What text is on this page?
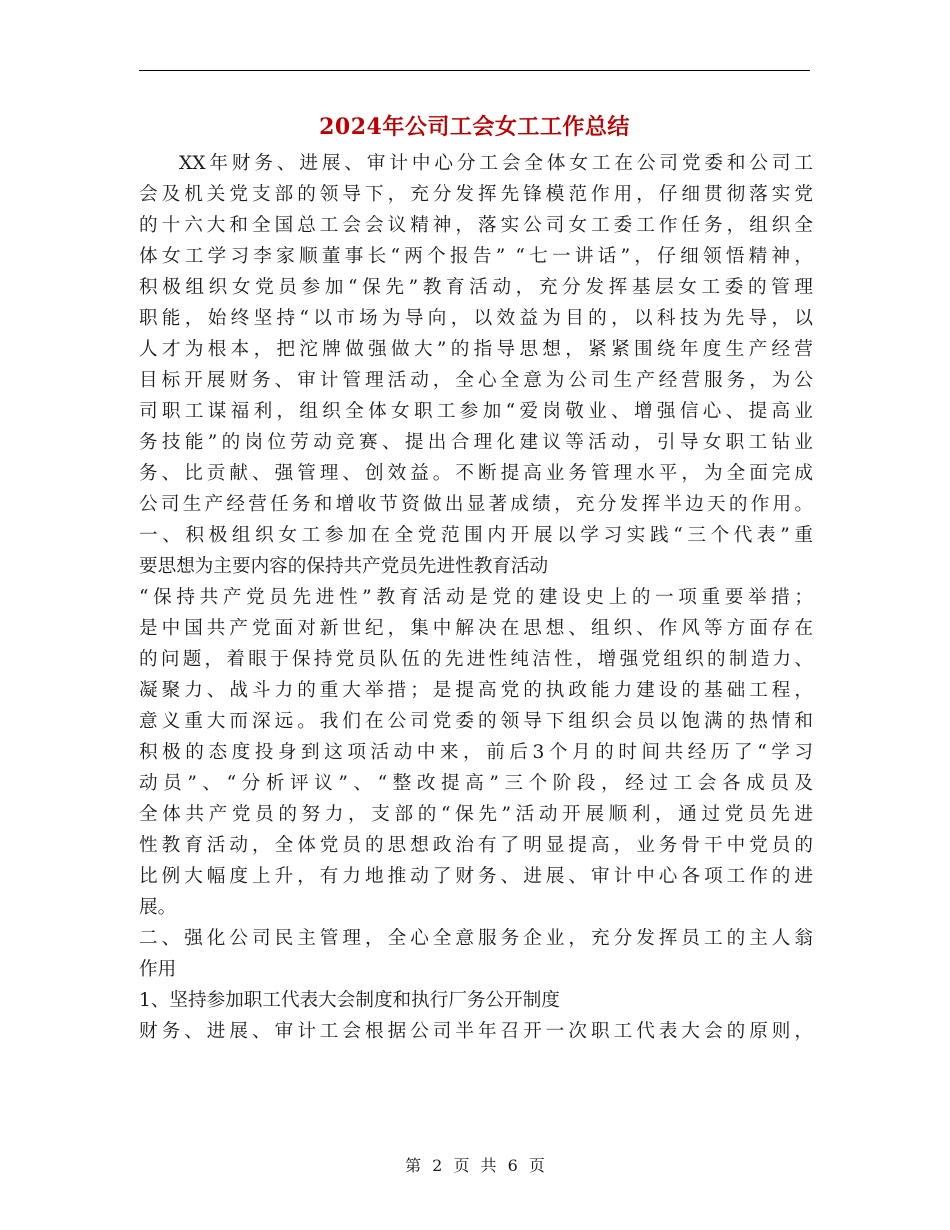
2024年公司工会女工工作总结
XX年财务、进展、审计中心分工会全体女工在公司党委和公司工
会及机关党支部的领导下，充分发挥先锋模范作用，仔细贯彻落实党
的十六大和全国总工会会议精神，落实公司女工委工作任务，组织全
体女工学习李家顺董事长“两个报告” “七一讲话”，仔细领悟精神，
积极组织女党员参加“保先”教育活动，充分发挥基层女工委的管理
职能，始终坚持“以市场为导向，以效益为目的，以科技为先导，以
人才为根本，把沱牌做强做大”的指导思想，紧紧围绕年度生产经营
目标开展财务、审计管理活动，全心全意为公司生产经营服务，为公
司职工谋福利，组织全体女职工参加“爱岗敬业、增强信心、提高业
务技能”的岗位劳动竞赛、提出合理化建议等活动，引导女职工钻业
务、比贡献、强管理、创效益。不断提高业务管理水平，为全面完成
公司生产经营任务和增收节资做出显著成绩，充分发挥半边天的作用。
一、积极组织女工参加在全党范围内开展以学习实践“三个代表”重
要思想为主要内容的保持共产党员先进性教育活动
“保持共产党员先进性”教育活动是党的建设史上的一项重要举措；
是中国共产党面对新世纪，集中解决在思想、组织、作风等方面存在
的问题，着眼于保持党员队伍的先进性纯洁性，增强党组织的制造力、
凝聚力、战斗力的重大举措；是提高党的执政能力建设的基础工程，
意义重大而深远。我们在公司党委的领导下组织会员以饱满的热情和
积极的态度投身到这项活动中来，前后3个月的时间共经历了“学习
动员”、“分析评议”、“整改提高”三个阶段，经过工会各成员及
全体共产党员的努力，支部的“保先”活动开展顺利，通过党员先进
性教育活动，全体党员的思想政治有了明显提高，业务骨干中党员的
比例大幅度上升，有力地推动了财务、进展、审计中心各项工作的进
展。
二、强化公司民主管理，全心全意服务企业，充分发挥员工的主人翁
作用
1、坚持参加职工代表大会制度和执行厂务公开制度
财务、进展、审计工会根据公司半年召开一次职工代表大会的原则，
第 2 页 共 6 页
